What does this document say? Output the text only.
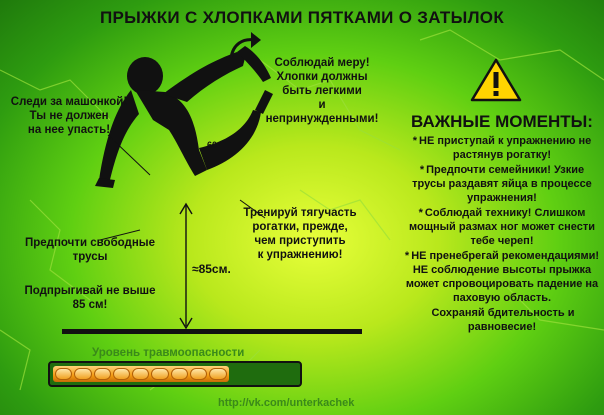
ПРЫЖКИ С ХЛОПКАМИ ПЯТКАМИ О ЗАТЫЛОК
60°
Соблюдай меру!
Хлопки должны
быть легкими
и непринужденными!
Следи за машонкой!
Ты не должен
на нее упасть!
Предпочти свободные
трусы
Подпрыгивай не выше
85 см!
Тренируй тягучасть
рогатки, прежде,
чем приступить
к упражнению!
≈85см.
ВАЖНЫЕ МОМЕНТЫ:
* НЕ приступай к упражнению не растянув рогатку!
* Предпочти семейники! Узкие трусы раздавят яйца в процессе упражнения!
* Соблюдай технику! Слишком мощный размах ног может снести тебе череп!
* НЕ пренебрегай рекомендациями! НЕ соблюдение высоты прыжка может спровоцировать падение на паховую область.
Сохраняй бдительность и равновесие!
Уровень травмоопасности
http://vk.com/unterkachek
